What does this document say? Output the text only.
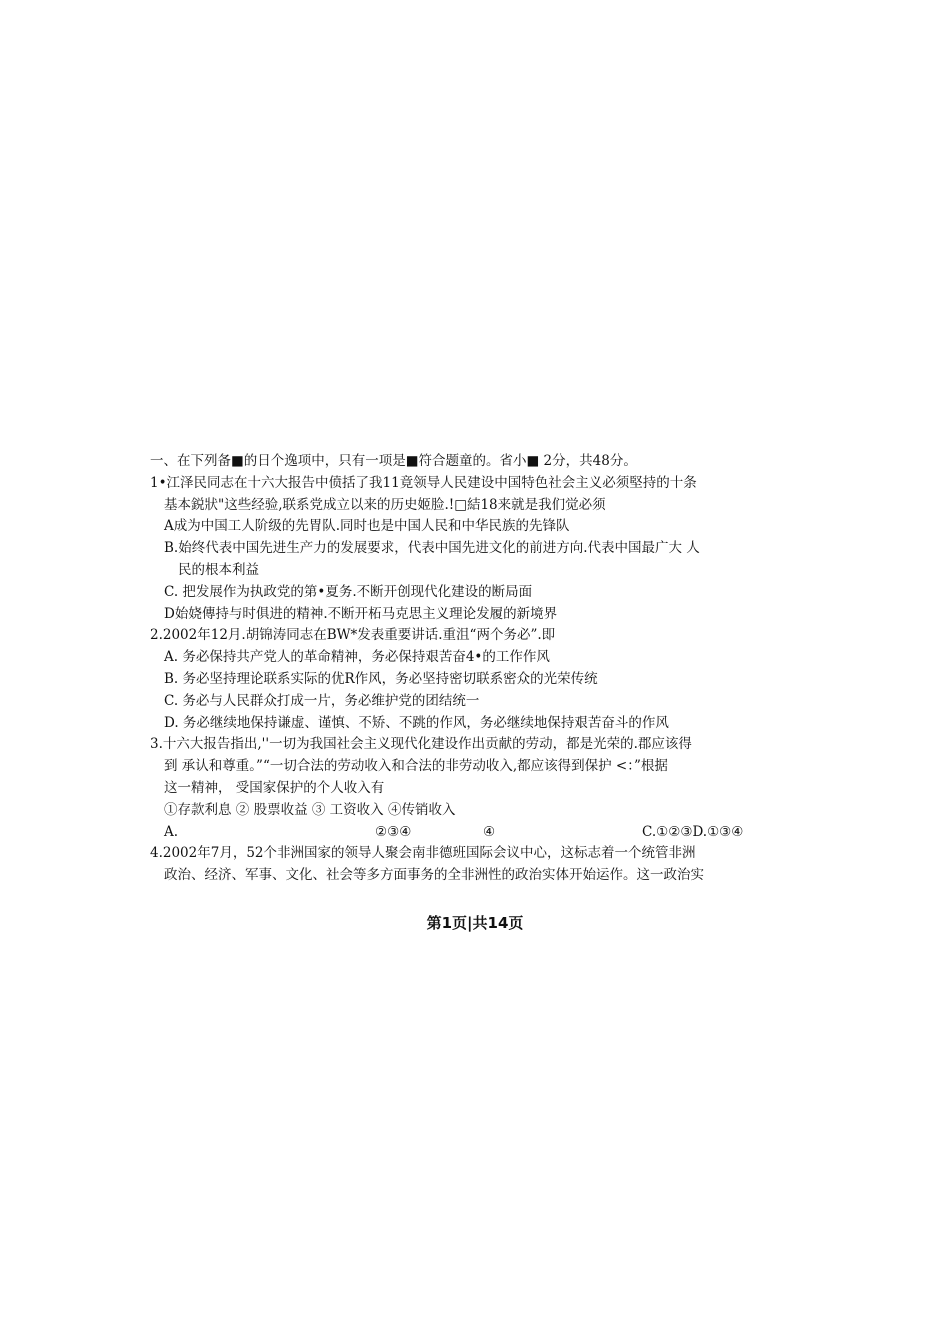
一、在下列备■的日个逸项中，只有一项是■符合题童的。省小■ 2分，共48分。
1•江泽民同志在十六大报告中偾括了我11竟领导人民建设中国特色社会主义必须堅持的十条
基本鋭狀"这些经验,联系党成立以来的历史姬脸.!□結18来就是我们觉必须
A成为中国工人阶级的先胃队.同时也是中国人民和中华民族的先锋队
B.始终代表中国先进生产力的发展要求，代表中国先进文化的前进方向.代表中国最广大 人
民的根本利益
C. 把发展作为执政党的第•夏务.不断开创现代化建设的断局面
D始娆傳持与时俱进的精神.不断开柘马克思主义理论发履的新境界
2.2002年12月.胡锦涛同志在BW*发表重要讲话.重沮“两个务必”.即
A. 务必保持共产党人的革命精神，务必保持艰苦奋4•的工作作风
B. 务必坚持理论联系实际的优R作风，务必坚持密切联系密众的光荣传统
C. 务必与人民群众打成一片，务必维护党的团结统一
D. 务必继续地保持谦虚、谨慎、不矫、不跳的作风，务必继续地保持艰苦奋斗的作风
3.十六大报告指出,''一切为我国社会主义现代化建设作出贡献的劳动，都是光荣的.郡应该得
到 承认和尊重。”“一切合法的劳动收入和合法的非劳动收入,都应该得到保护 <：”根据
这一精神， 受国家保护的个人收入有
①存款利息 ② 股票收益 ③ 工资收入 ④传销收入
A.	②③④	④	C.①②③D.①③④
4.2002年7月，52个非洲国家的领导人聚会南非德班国际会议中心，这标志着一个统管非洲
政治、经济、军事、文化、社会等多方面事务的全非洲性的政治实体开始运作。这一政治实
第1页|共14页
